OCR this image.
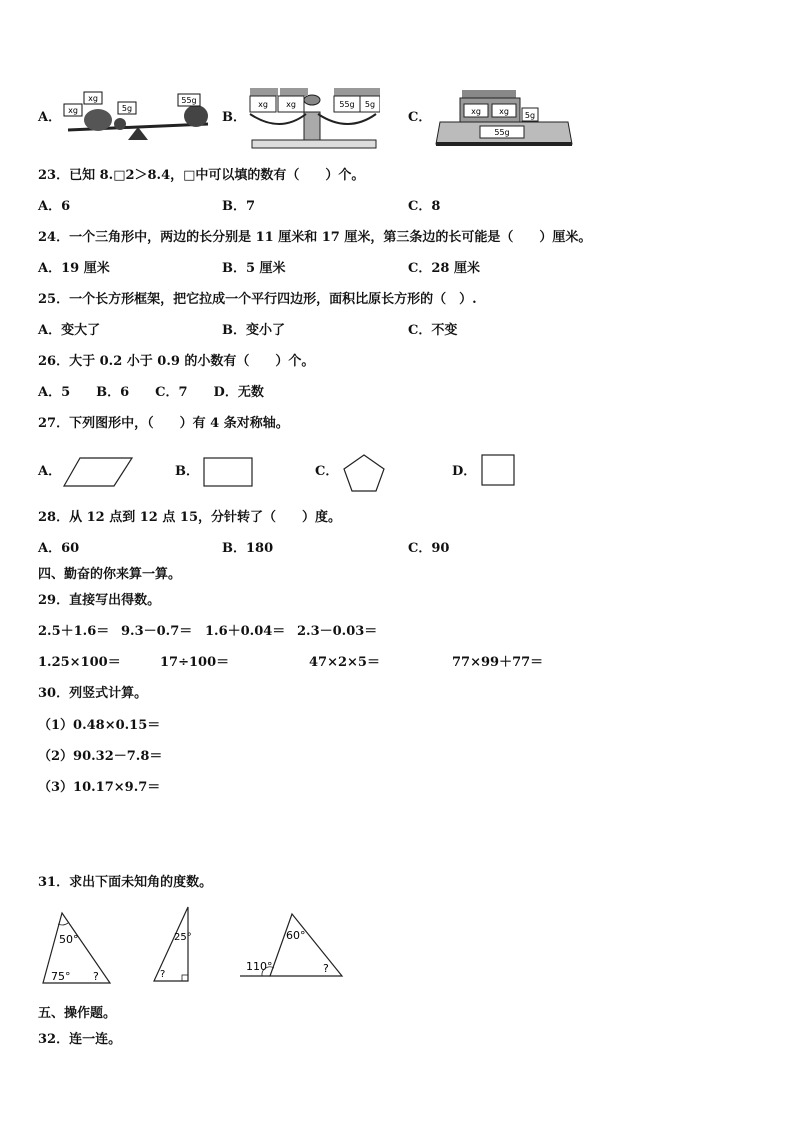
A． xg
xg
5g
55g
B．
xg xg	55g 5g
C．	xg xg 5g
55g
23．已知 8.□2＞8.4，□中可以填的数有（　　）个。
A．6	B．7	C．8
24．一个三角形中，两边的长分别是 11 厘米和 17 厘米，第三条边的长可能是（　　）厘米。
A．19 厘米	B．5 厘米	C．28 厘米
25．一个长方形框架，把它拉成一个平行四边形，面积比原长方形的（　）.
A．变大了	B．变小了	C．不变
26．大于 0.2 小于 0.9 的小数有（　　）个。
A．5　　B．6　　C．7　　D．无数
27．下列图形中，（　　）有 4 条对称轴。
A．	B．	C．	D．
28．从 12 点到 12 点 15，分针转了（　　）度。
A．60	B．180	C．90
四、勤奋的你来算一算。
29．直接写出得数。
2.5＋1.6＝ 9.3－0.7＝ 1.6＋0.04＝ 2.3－0.03＝
1.25×100＝	17÷100＝	47×2×5＝	77×99＋77＝
30．列竖式计算。
（1）0.48×0.15＝
（2）90.32－7.8＝
（3）10.17×9.7＝
31．求出下面未知角的度数。
50°
75° ?
25°
?
60°
110°	?
五、操作题。
32．连一连。
